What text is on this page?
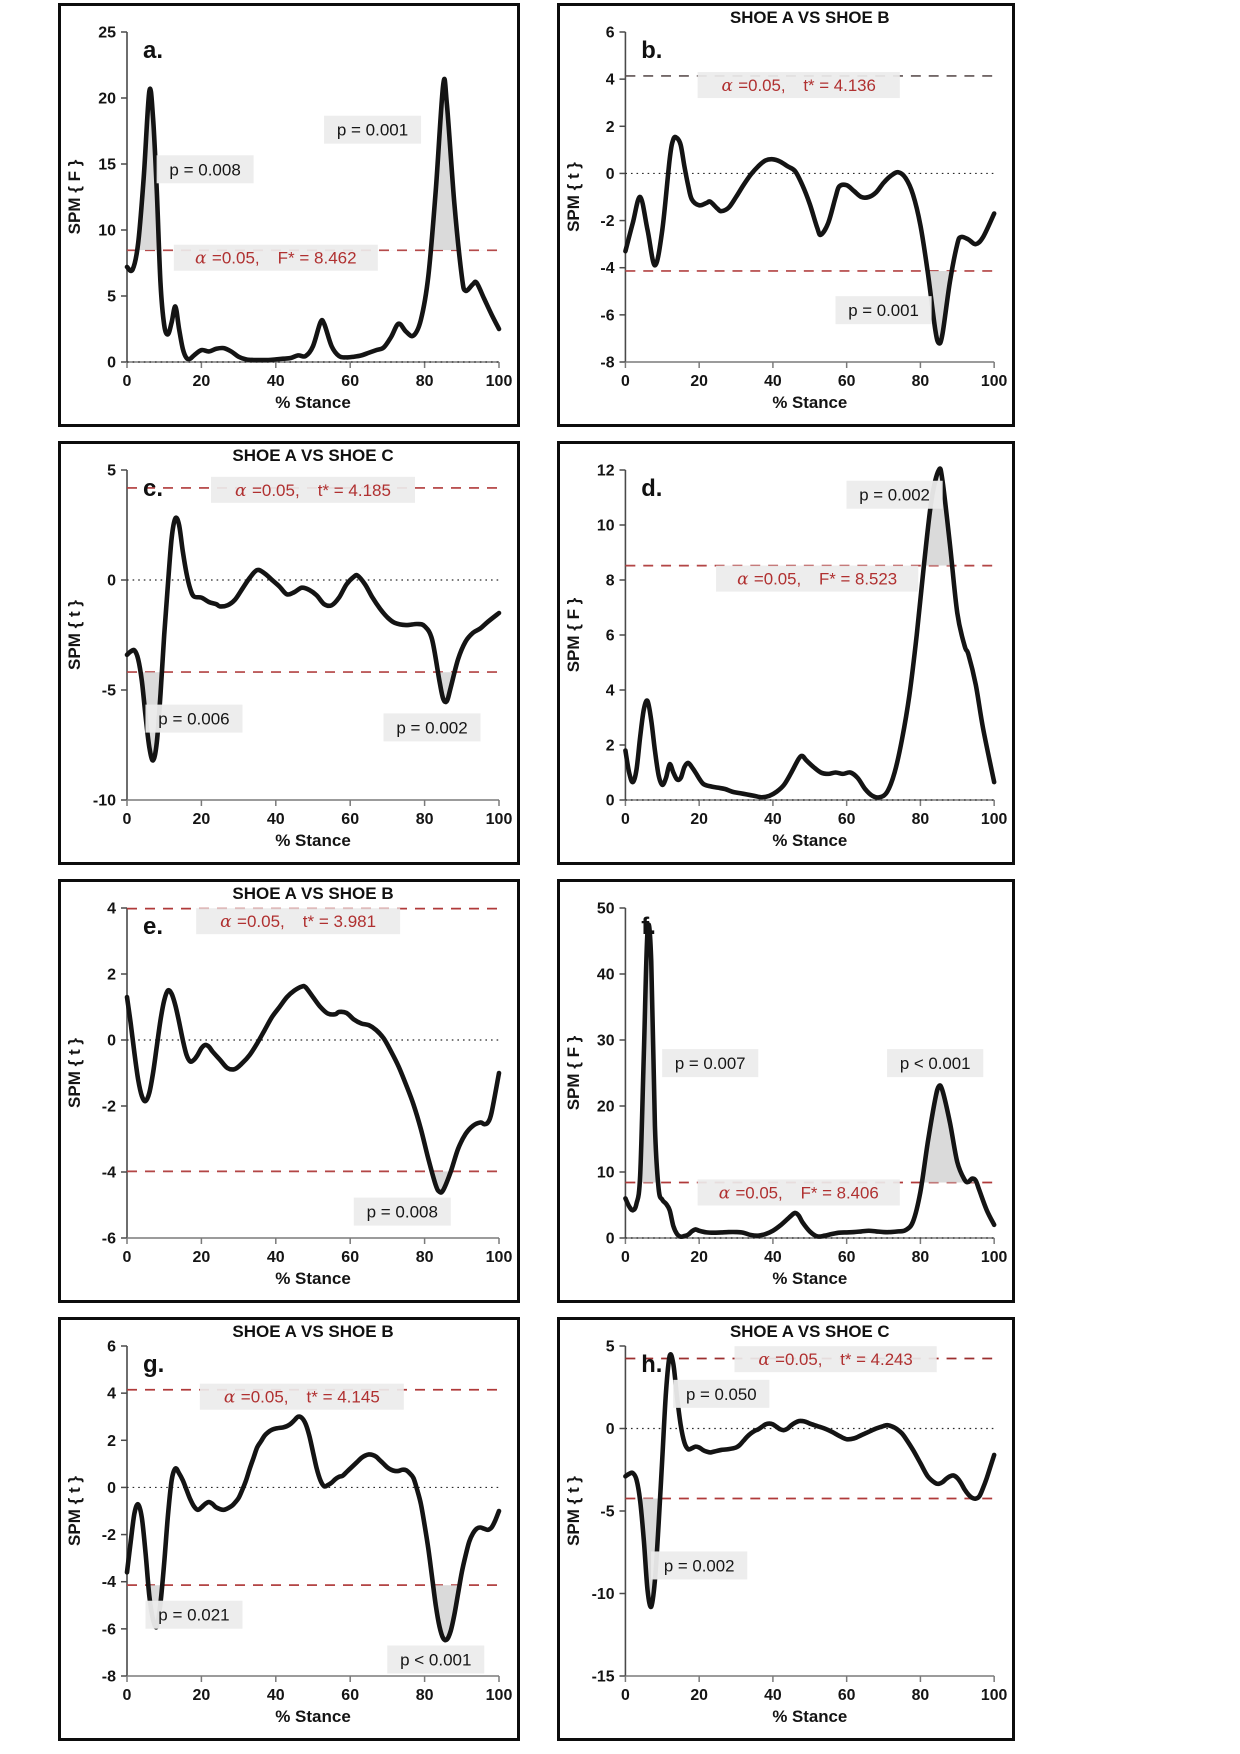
0
5
10
15
20
25
0	20	40	60	80	100
% Stance
SPM { F }
α =0.05, F* = 8.462
p = 0.008
p = 0.001
a.
-8
-6
-4
-2
0
2
4
6
0	20	40	60	80	100
% Stance
SPM { t }
α =0.05, t* = 4.136
p = 0.001
SHOE A VS SHOE B
b.
-10
-5
0
5
0	20	40	60	80	100
% Stance
SPM { t }
α =0.05, t* = 4.185
p = 0.006	p = 0.002
SHOE A VS SHOE C
c.
0
2
4
6
8
10
12
0	20	40	60	80	100
% Stance
SPM { F }
α =0.05, F* = 8.523
p = 0.002
d.
-6
-4
-2
0
2
4
0	20	40	60	80	100
% Stance
SPM { t }
α =0.05, t* = 3.981
p = 0.008
SHOE A VS SHOE B
e.
0
10
20
30
40
50
0	20	40	60	80	100
% Stance
SPM { F }
α =0.05, F* = 8.406
p = 0.007	p < 0.001
f.
-8
-6
-4
-2
0
2
4
6
0	20	40	60	80	100
% Stance
SPM { t }
α =0.05, t* = 4.145
p = 0.021
p < 0.001
SHOE A VS SHOE B
g.
-15
-10
-5
0
5
0	20	40	60	80	100
% Stance
SPM { t }
α =0.05, t* = 4.243
p = 0.050
p = 0.002
SHOE A VS SHOE C
h.
